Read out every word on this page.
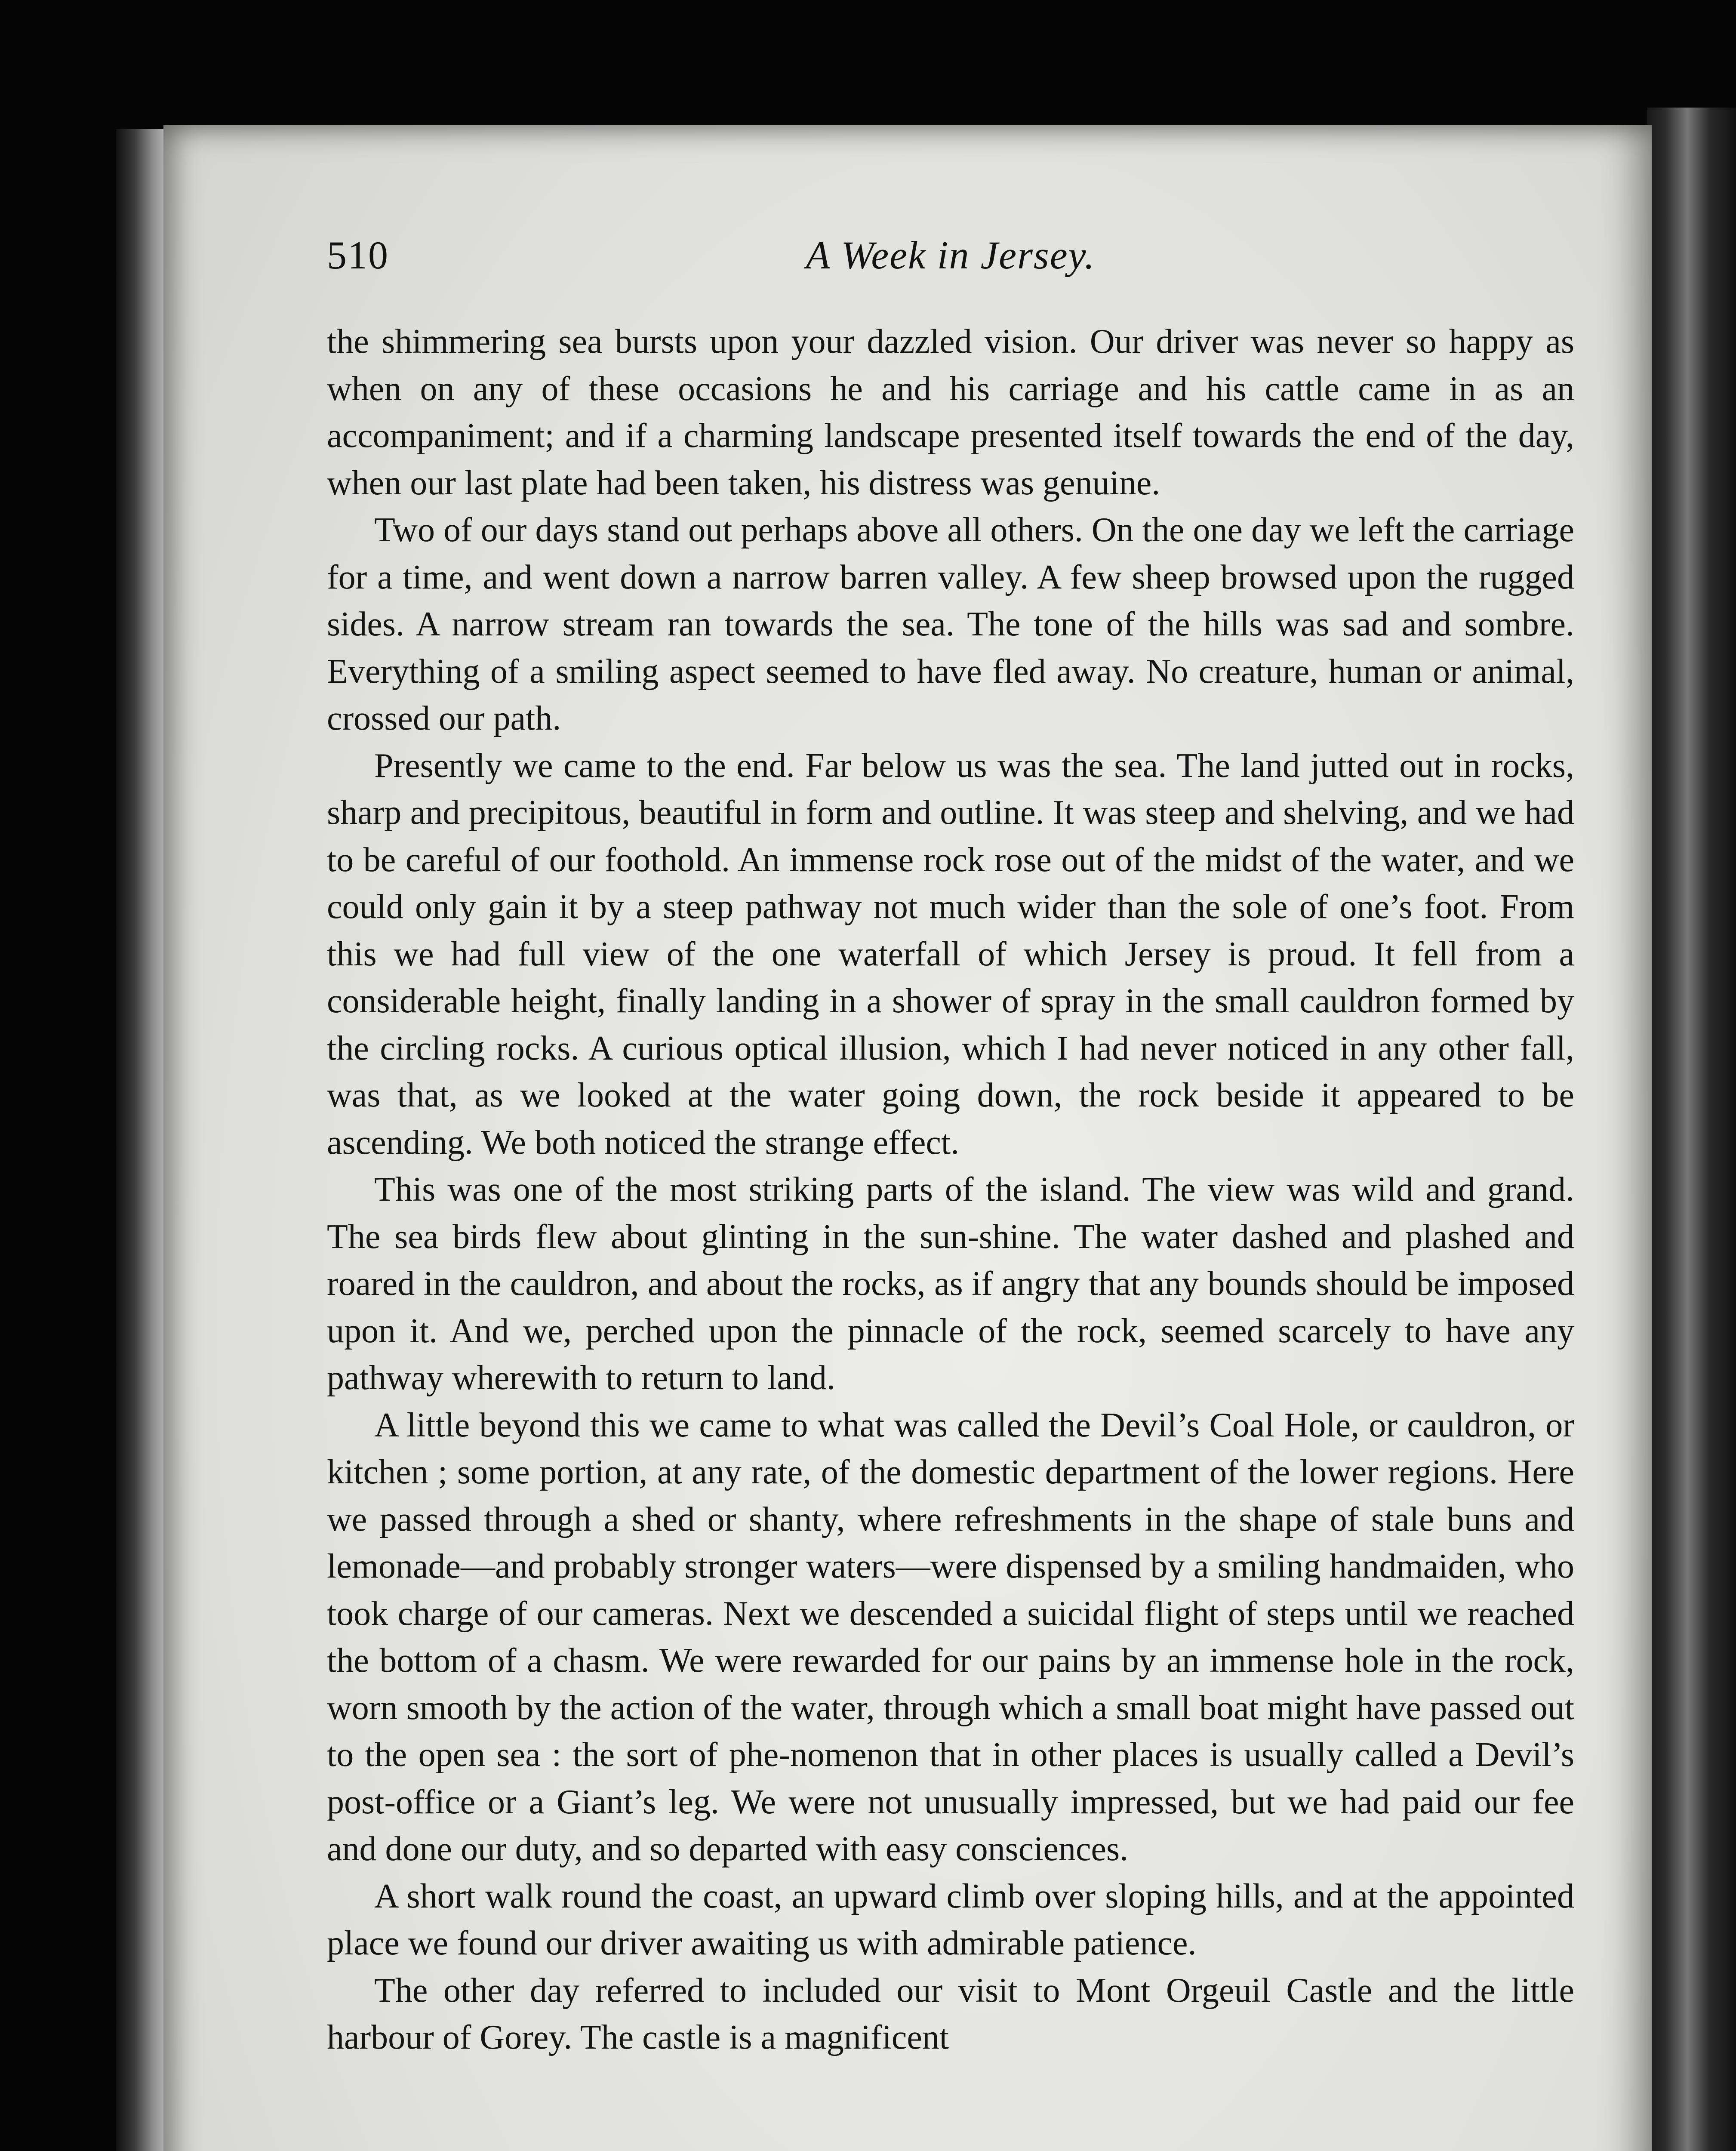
510	A Week in Jersey.

the shimmering sea bursts upon your dazzled vision. Our driver was never so happy as when on any of these occasions he and his carriage and his cattle came in as an accompaniment; and if a charming landscape presented itself towards the end of the day, when our last plate had been taken, his distress was genuine.

Two of our days stand out perhaps above all others. On the one day we left the carriage for a time, and went down a narrow barren valley. A few sheep browsed upon the rugged sides. A narrow stream ran towards the sea. The tone of the hills was sad and sombre. Everything of a smiling aspect seemed to have fled away. No creature, human or animal, crossed our path.

Presently we came to the end. Far below us was the sea. The land jutted out in rocks, sharp and precipitous, beautiful in form and outline. It was steep and shelving, and we had to be careful of our foothold. An immense rock rose out of the midst of the water, and we could only gain it by a steep pathway not much wider than the sole of one’s foot. From this we had full view of the one waterfall of which Jersey is proud. It fell from a considerable height, finally landing in a shower of spray in the small cauldron formed by the circling rocks. A curious optical illusion, which I had never noticed in any other fall, was that, as we looked at the water going down, the rock beside it appeared to be ascending. We both noticed the strange effect.

This was one of the most striking parts of the island. The view was wild and grand. The sea birds flew about glinting in the sun-shine. The water dashed and plashed and roared in the cauldron, and about the rocks, as if angry that any bounds should be imposed upon it. And we, perched upon the pinnacle of the rock, seemed scarcely to have any pathway wherewith to return to land.

A little beyond this we came to what was called the Devil’s Coal Hole, or cauldron, or kitchen ; some portion, at any rate, of the domestic department of the lower regions. Here we passed through a shed or shanty, where refreshments in the shape of stale buns and lemonade—and probably stronger waters—were dispensed by a smiling handmaiden, who took charge of our cameras. Next we descended a suicidal flight of steps until we reached the bottom of a chasm. We were rewarded for our pains by an immense hole in the rock, worn smooth by the action of the water, through which a small boat might have passed out to the open sea : the sort of phe-nomenon that in other places is usually called a Devil’s post-office or a Giant’s leg. We were not unusually impressed, but we had paid our fee and done our duty, and so departed with easy consciences.

A short walk round the coast, an upward climb over sloping hills, and at the appointed place we found our driver awaiting us with admirable patience.

The other day referred to included our visit to Mont Orgeuil Castle and the little harbour of Gorey. The castle is a magnificent
